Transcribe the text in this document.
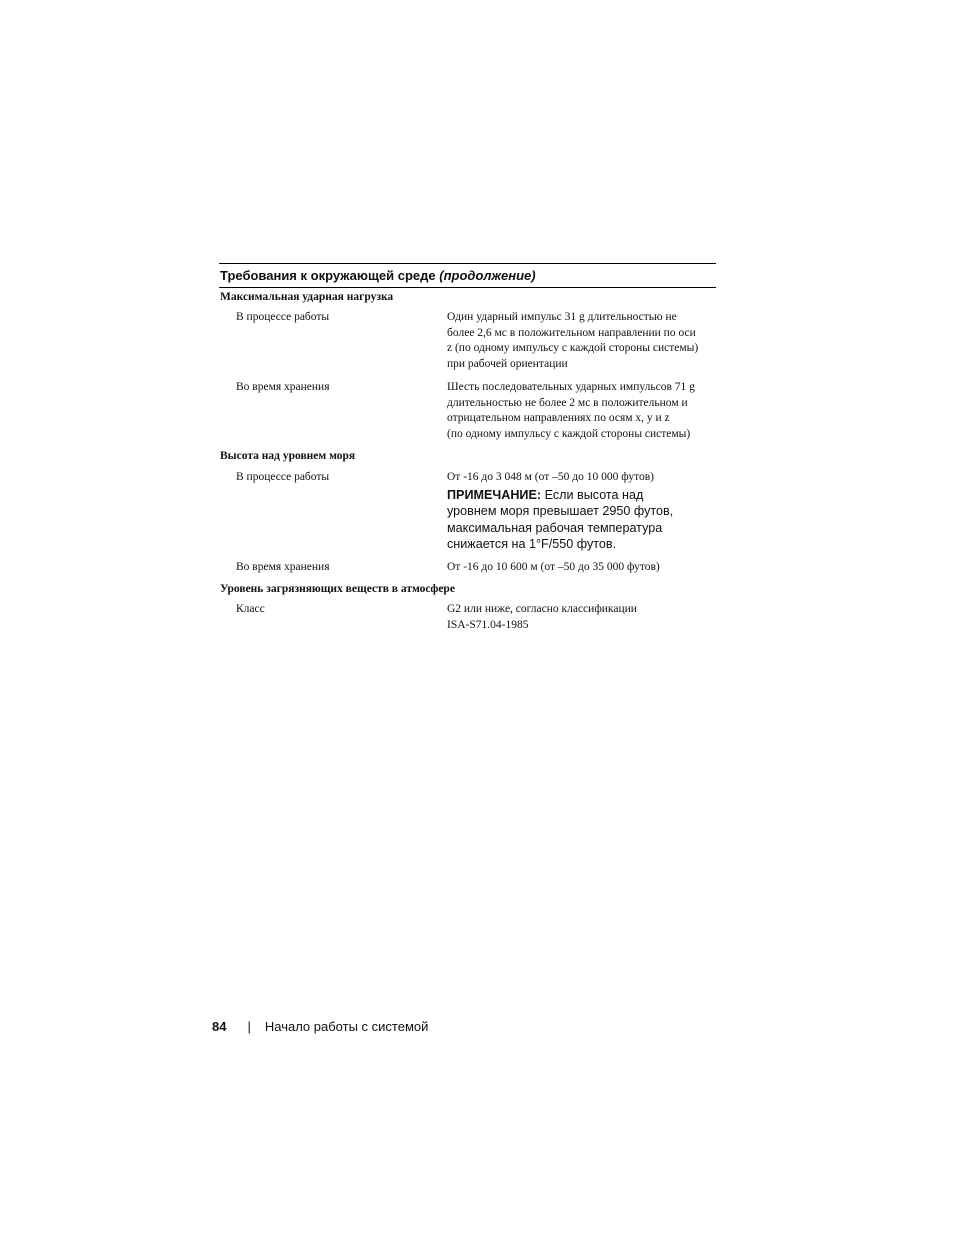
Требования к окружающей среде (продолжение)
Максимальная ударная нагрузка
В процессе работы	Один ударный импульс 31 g длительностью не
более 2,6 мс в положительном направлении по оси
z (по одному импульсу с каждой стороны системы)
при рабочей ориентации
Во время хранения	Шесть последовательных ударных импульсов 71 g
длительностью не более 2 мс в положительном и
отрицательном направлениях по осям x, y и z
(по одному импульсу с каждой стороны системы)
Высота над уровнем моря
В процессе работы	От -16 до 3 048 м (от –50 до 10 000 футов)
ПРИМЕЧАНИЕ: Если высота над
уровнем моря превышает 2950 футов,
максимальная рабочая температура
снижается на 1°F/550 футов.
Во время хранения	От -16 до 10 600 м (от –50 до 35 000 футов)
Уровень загрязняющих веществ в атмосфере
Класс	G2 или ниже, согласно классификации
ISA-S71.04-1985
84 | Начало работы с системой
